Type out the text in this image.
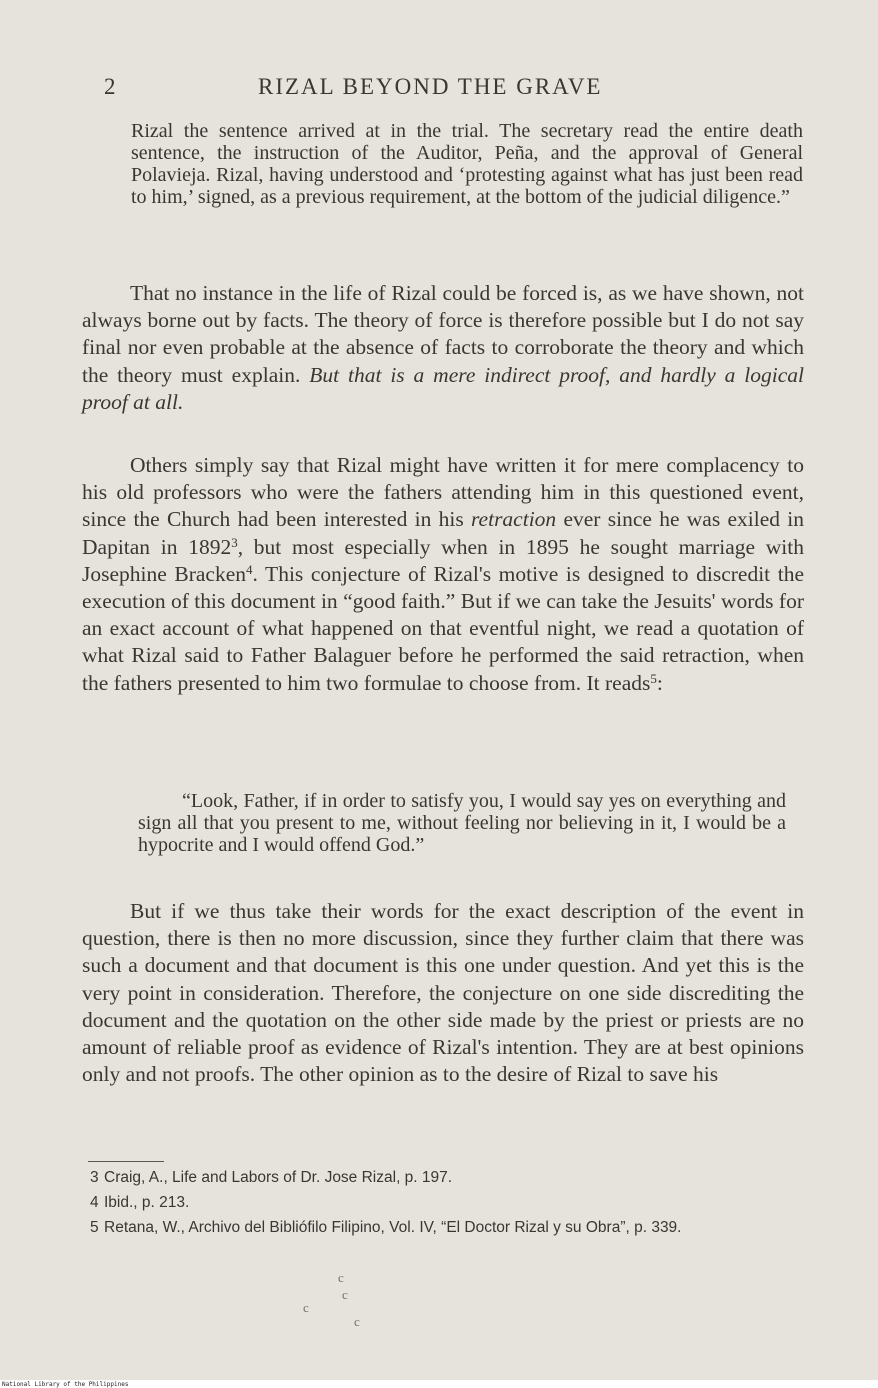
2	RIZAL BEYOND THE GRAVE

Rizal the sentence arrived at in the trial. The secretary read the entire death sentence, the instruction of the Auditor, Peña, and the approval of General Polavieja. Rizal, having understood and ‘protesting against what has just been read to him,’ signed, as a previous requirement, at the bottom of the judicial diligence.”

That no instance in the life of Rizal could be forced is, as we have shown, not always borne out by facts. The theory of force is therefore possible but I do not say final nor even probable at the absence of facts to corroborate the theory and which the theory must explain. But that is a mere indirect proof, and hardly a logical proof at all.

Others simply say that Rizal might have written it for mere complacency to his old professors who were the fathers attending him in this questioned event, since the Church had been interested in his retraction ever since he was exiled in Dapitan in 1892$^3$, but most especially when in 1895 he sought marriage with Josephine Bracken$^4$. This conjecture of Rizal's motive is designed to discredit the execution of this document in “good faith.” But if we can take the Jesuits' words for an exact account of what happened on that eventful night, we read a quotation of what Rizal said to Father Balaguer before he performed the said retraction, when the fathers presented to him two formulae to choose from. It reads$^5$:

“Look, Father, if in order to satisfy you, I would say yes on everything and sign all that you present to me, without feeling nor believing in it, I would be a hypocrite and I would offend God.”

But if we thus take their words for the exact description of the event in question, there is then no more discussion, since they further claim that there was such a document and that document is this one under question. And yet this is the very point in consideration. Therefore, the conjecture on one side discrediting the document and the quotation on the other side made by the priest or priests are no amount of reliable proof as evidence of Rizal's intention. They are at best opinions only and not proofs. The other opinion as to the desire of Rizal to save his

3 Craig, A., Life and Labors of Dr. Jose Rizal, p. 197.

4 Ibid., p. 213.

5 Retana, W., Archivo del Bibliófilo Filipino, Vol. IV, “El Doctor Rizal y su Obra”, p. 339.

c
c
c
c
National Library of the Philippines
